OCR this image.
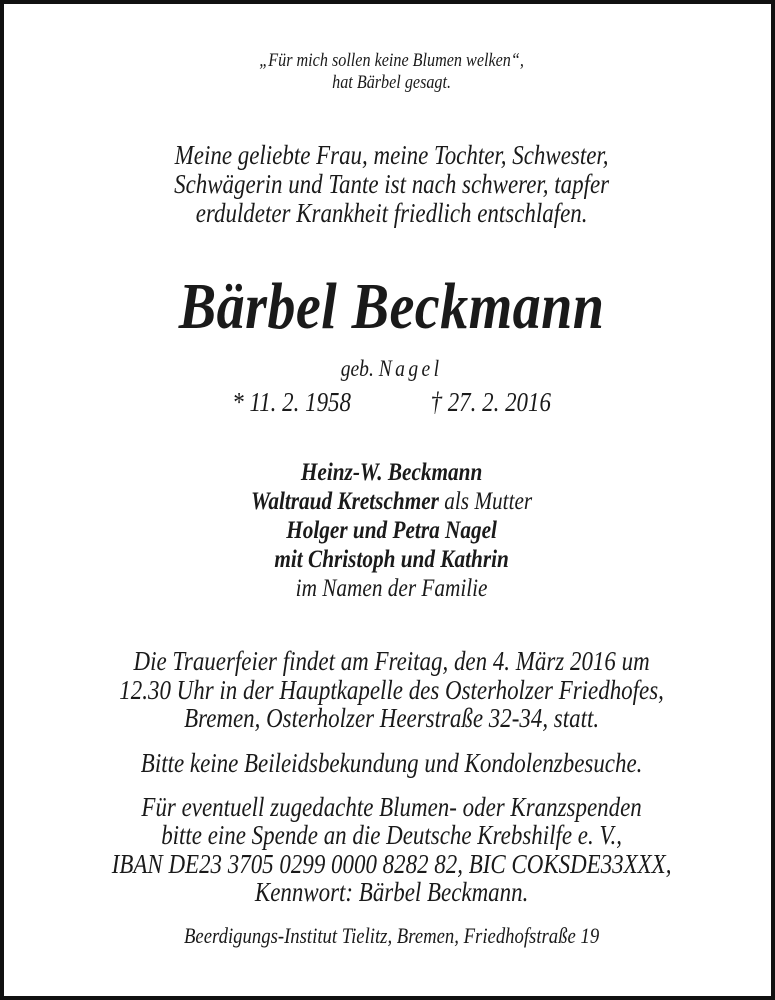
„Für mich sollen keine Blumen welken“,
hat Bärbel gesagt.
Meine geliebte Frau, meine Tochter, Schwester,
Schwägerin und Tante ist nach schwerer, tapfer
erduldeter Krankheit friedlich entschlafen.
Bärbel Beckmann
geb. Nagel
* 11. 2. 1958	† 27. 2. 2016
Heinz-W. Beckmann
Waltraud Kretschmer als Mutter
Holger und Petra Nagel
mit Christoph und Kathrin
im Namen der Familie
Die Trauerfeier findet am Freitag, den 4. März 2016 um
12.30 Uhr in der Hauptkapelle des Osterholzer Friedhofes,
Bremen, Osterholzer Heerstraße 32-34, statt.
Bitte keine Beileidsbekundung und Kondolenzbesuche.
Für eventuell zugedachte Blumen- oder Kranzspenden
bitte eine Spende an die Deutsche Krebshilfe e. V.,
IBAN DE23 3705 0299 0000 8282 82, BIC COKSDE33XXX,
Kennwort: Bärbel Beckmann.
Beerdigungs-Institut Tielitz, Bremen, Friedhofstraße 19
